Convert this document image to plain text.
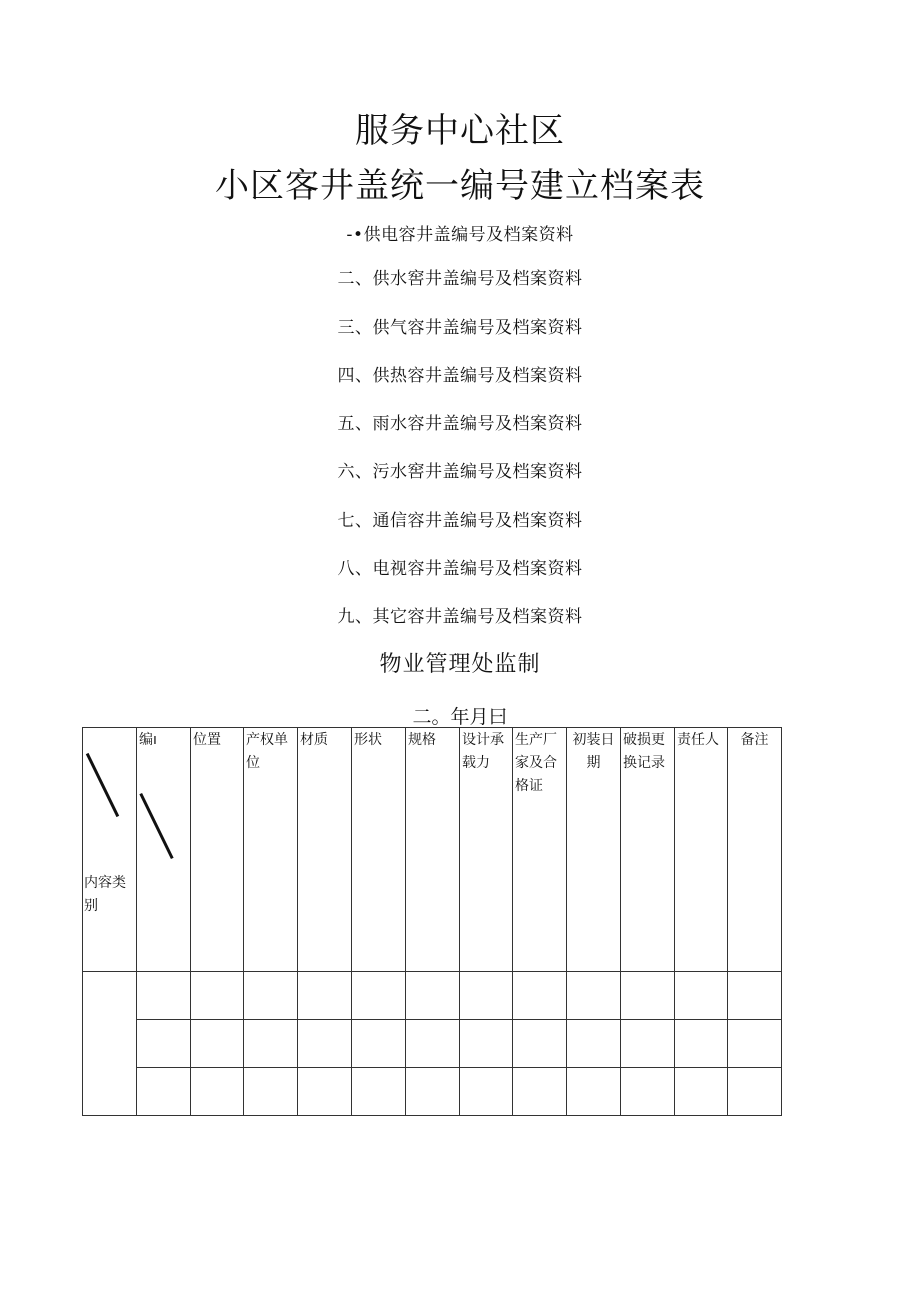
服务中心社区
小区客井盖统一编号建立档案表
-•供电容井盖编号及档案资料
二、供水窖井盖编号及档案资料
三、供气容井盖编号及档案资料
四、供热容井盖编号及档案资料
五、雨水容井盖编号及档案资料
六、污水窖井盖编号及档案资料
七、通信容井盖编号及档案资料
八、电视容井盖编号及档案资料
九、其它容井盖编号及档案资料
物业管理处监制
二。年月曰
内容类别	编ı	位置	产权单位	材质	形状	规格	设计承载力	生产厂家及合格证	初装日期	破损更换记录	责任人	备注
